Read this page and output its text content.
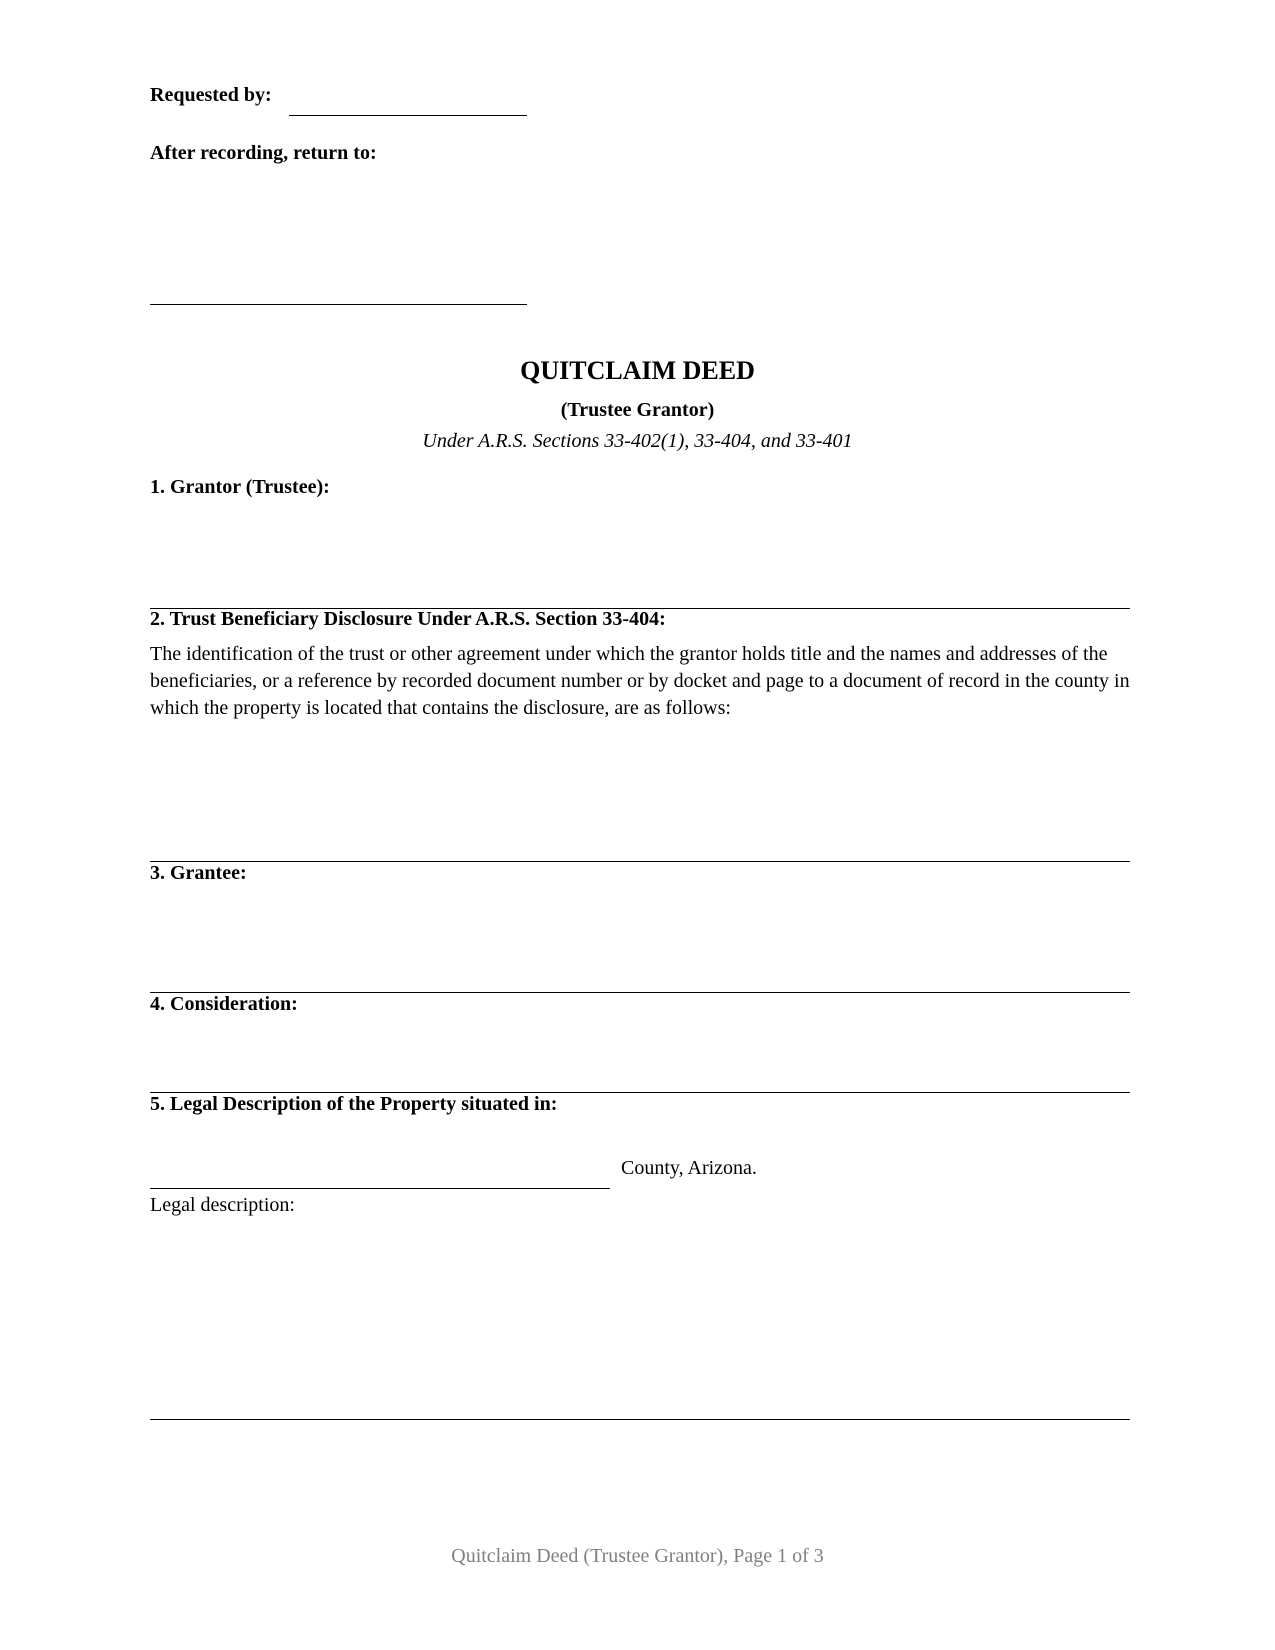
Requested by:
After recording, return to:
QUITCLAIM DEED
(Trustee Grantor)
Under A.R.S. Sections 33-402(1), 33-404, and 33-401
1. Grantor (Trustee):
2. Trust Beneficiary Disclosure Under A.R.S. Section 33-404:
The identification of the trust or other agreement under which the grantor holds title and the names and addresses of the beneficiaries, or a reference by recorded document number or by docket and page to a document of record in the county in which the property is located that contains the disclosure, are as follows:
3. Grantee:
4. Consideration:
5. Legal Description of the Property situated in:
County, Arizona.
Legal description:
Quitclaim Deed (Trustee Grantor), Page 1 of 3
